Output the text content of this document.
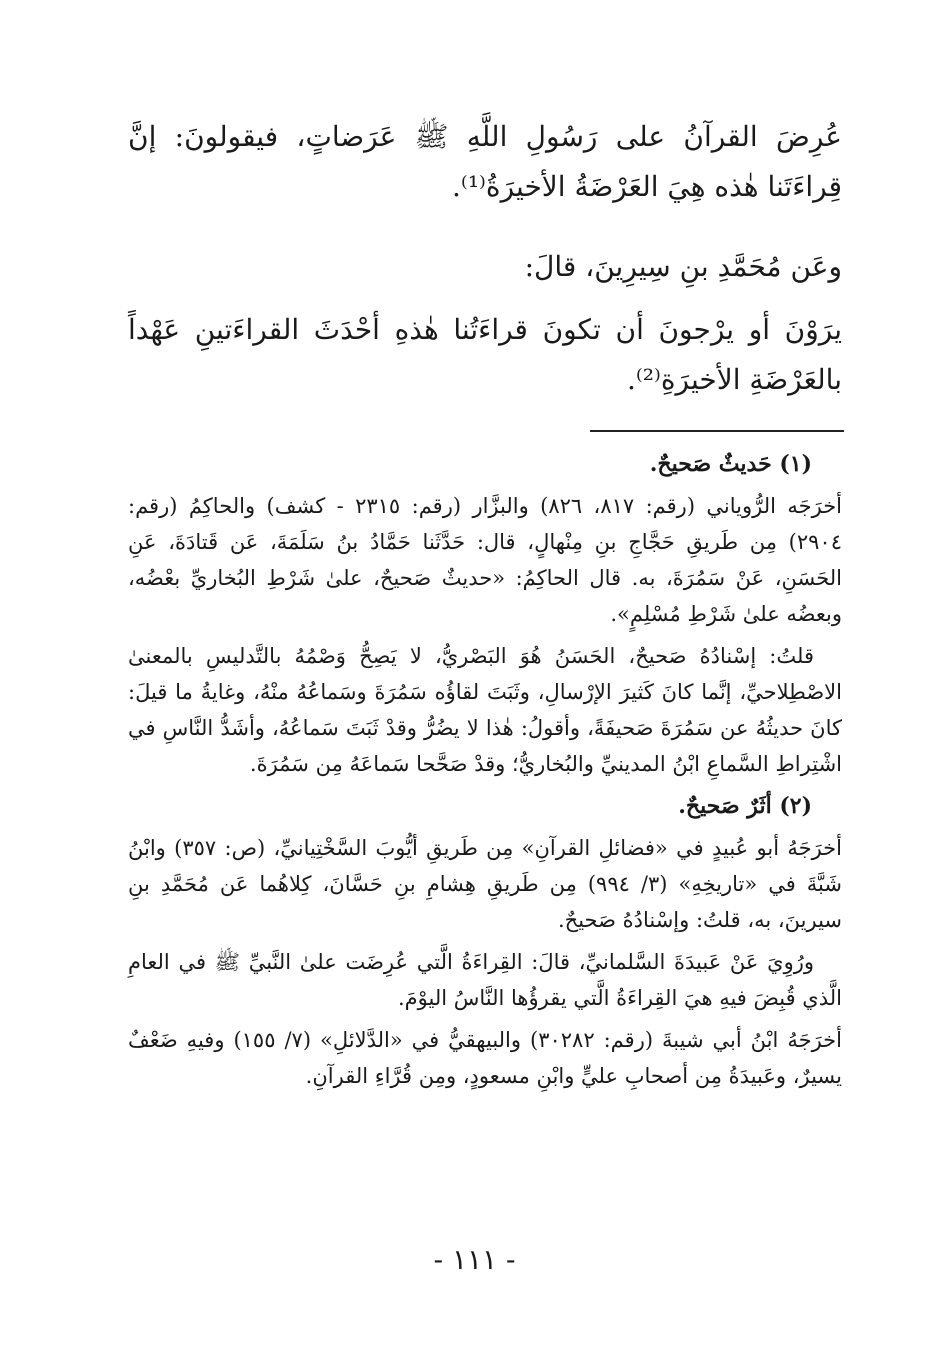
عُرِضَ القرآنُ على رَسُولِ اللَّهِ ﷺ عَرَضاتٍ، فيقولونَ: إنَّ قِراءَتَنا هٰذه هِيَ العَرْضَةُ الأخيرَةُ⁽¹⁾.

وعَن مُحَمَّدِ بنِ سِيرِينَ، قالَ:

يرَوْنَ أو يرْجونَ أن تكونَ قراءَتُنا هٰذهِ أحْدَثَ القراءَتينِ عَهْداً بالعَرْضَةِ الأخيرَةِ⁽²⁾.

(١) حَديثٌ صَحيحٌ.

أخرَجَه الرُّوياني (رقم: ٨١٧، ٨٢٦) والبزَّار (رقم: ٢٣١٥ - كشف) والحاكِمُ (رقم: ٢٩٠٤) مِن طَريقِ حَجَّاجِ بنِ مِنْهالٍ، قال: حَدَّثَنا حَمَّادُ بنُ سَلَمَةَ، عَن قَتادَةَ، عَنِ الحَسَنِ، عَنْ سَمُرَةَ، به. قال الحاكِمُ: «حديثٌ صَحيحٌ، علىٰ شَرْطِ البُخاريِّ بعْضُه، وبعضُه علىٰ شَرْطِ مُسْلِمٍ».

قلتُ: إسْنادُهُ صَحيحٌ، الحَسَنُ هُوَ البَصْريُّ، لا يَصِحُّ وَصْمُهُ بالتَّدليسِ بالمعنىٰ الاصْطِلاحيِّ، إنَّما كانَ كَثيرَ الإرْسالِ، وثَبَتَ لقاؤُه سَمُرَةَ وسَماعُهُ منْهُ، وغايةُ ما قيلَ: كانَ حديثُهُ عن سَمُرَةَ صَحيفَةً، وأقولُ: هٰذا لا يضُرُّ وقدْ ثَبَتَ سَماعُهُ، وأشَدُّ النَّاسِ في اشْتِراطِ السَّماعِ ابْنُ المدينيِّ والبُخاريُّ؛ وقدْ صَحَّحا سَماعَهُ مِن سَمُرَةَ.

(٢) أثَرٌ صَحيحٌ.

أخرَجَهُ أبو عُبيدٍ في «فضائلِ القرآنِ» مِن طَريقِ أيُّوبَ السَّخْتِيانيِّ، (ص: ٣٥٧) وابْنُ شَبَّةَ في «تاريخِهِ» (٣/ ٩٩٤) مِن طَريقِ هِشامِ بنِ حَسَّانَ، كِلاهُما عَن مُحَمَّدِ بنِ سيرينَ، به، قلتُ: وإسْنادُهُ صَحيحٌ.

ورُوِيَ عَنْ عَبيدَةَ السَّلمانيِّ، قالَ: القِراءَةُ الَّتي عُرِضَت علىٰ النَّبيِّ ﷺ في العامِ الَّذي قُبِضَ فيهِ هيَ القِراءَةُ الَّتي يقرؤُها النَّاسُ اليوْمَ.

أخرَجَهُ ابْنُ أبي شيبةَ (رقم: ٣٠٢٨٢) والبيهقيُّ في «الدَّلائلِ» (٧/ ١٥٥) وفيهِ ضَعْفٌ يسيرٌ، وعَبيدَةُ مِن أصحابِ عليٍّ وابْنِ مسعودٍ، ومِن قُرَّاءِ القرآنِ.

- ١١١ -
